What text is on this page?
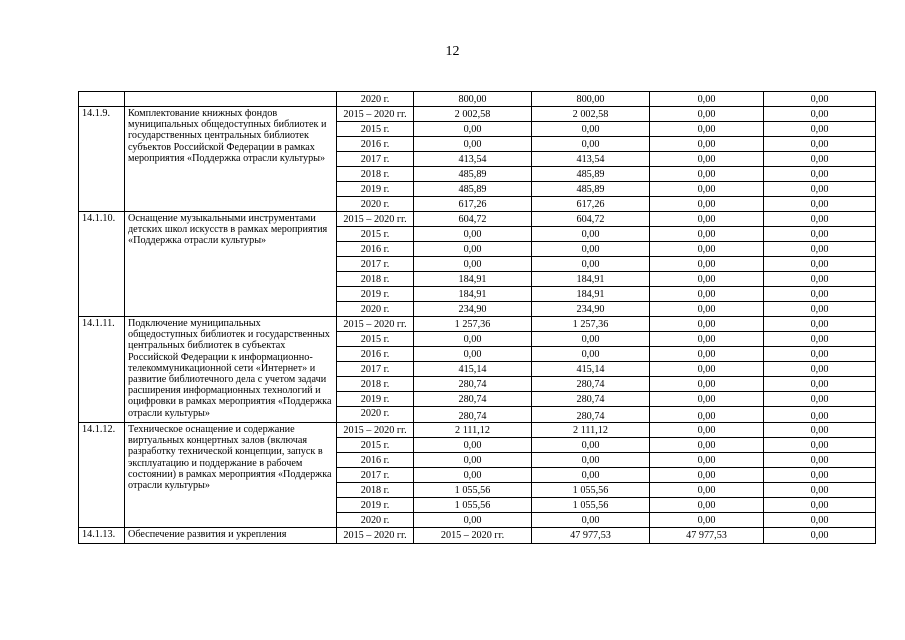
12
		2020 г.	800,00	800,00	0,00	0,00
14.1.9.	Комплектование книжных фондов муниципальных общедоступных библиотек и государственных центральных библиотек субъектов Российской Федерации в рамках мероприятия «Поддержка отрасли культуры»	2015 – 2020 гг.	2 002,58	2 002,58	0,00	0,00
		2015 г.	0,00	0,00	0,00	0,00
		2016 г.	0,00	0,00	0,00	0,00
		2017 г.	413,54	413,54	0,00	0,00
		2018 г.	485,89	485,89	0,00	0,00
		2019 г.	485,89	485,89	0,00	0,00
		2020 г.	617,26	617,26	0,00	0,00
14.1.10.	Оснащение музыкальными инструментами детских школ искусств в рамках мероприятия «Поддержка отрасли культуры»	2015 – 2020 гг.	604,72	604,72	0,00	0,00
		2015 г.	0,00	0,00	0,00	0,00
		2016 г.	0,00	0,00	0,00	0,00
		2017 г.	0,00	0,00	0,00	0,00
		2018 г.	184,91	184,91	0,00	0,00
		2019 г.	184,91	184,91	0,00	0,00
		2020 г.	234,90	234,90	0,00	0,00
14.1.11.	Подключение муниципальных общедоступных библиотек и государственных центральных библиотек в субъектах Российской Федерации к информационно-телекоммуникационной сети «Интернет» и развитие библиотечного дела с учетом задачи расширения информационных технологий и оцифровки в рамках мероприятия «Поддержка отрасли культуры»	2015 – 2020 гг.	1 257,36	1 257,36	0,00	0,00
		2015 г.	0,00	0,00	0,00	0,00
		2016 г.	0,00	0,00	0,00	0,00
		2017 г.	415,14	415,14	0,00	0,00
		2018 г.	280,74	280,74	0,00	0,00
		2019 г.	280,74	280,74	0,00	0,00
		2020 г.	280,74	280,74	0,00	0,00
14.1.12.	Техническое оснащение и содержание виртуальных концертных залов (включая разработку технической концепции, запуск в эксплуатацию и поддержание в рабочем состоянии) в рамках мероприятия «Поддержка отрасли культуры»	2015 – 2020 гг.	2 111,12	2 111,12	0,00	0,00
		2015 г.	0,00	0,00	0,00	0,00
		2016 г.	0,00	0,00	0,00	0,00
		2017 г.	0,00	0,00	0,00	0,00
		2018 г.	1 055,56	1 055,56	0,00	0,00
		2019 г.	1 055,56	1 055,56	0,00	0,00
		2020 г.	0,00	0,00	0,00	0,00
14.1.13.	Обеспечение развития и укрепления	2015 – 2020 гг.	2015 – 2020 гг.	47 977,53	47 977,53	0,00
